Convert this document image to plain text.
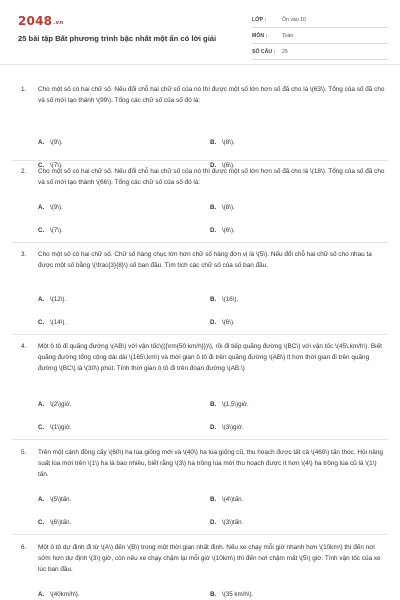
2048.vn
25 bài tập Bất phương trình bậc nhất một ẩn có lời giải
LỚP :	Ôn vào 10
MÔN :	Toán
SỐ CÂU :	25
1. Cho một số có hai chữ số. Nếu đổi chỗ hai chữ số của nó thì được một số lớn hơn số đã cho là \(63\). Tổng của số đã cho và số mới tạo thành \(99\). Tổng các chữ số của số đó là:
A. \(9\).	B. \(8\).
C. \(7\).	D. \(6\).
2. Cho một số có hai chữ số. Nếu đổi chỗ hai chữ số của nó thì được một số lớn hơn số đã cho là \(18\). Tổng của số đã cho và số mới tạo thành \(66\). Tổng các chữ số của số đó là:
A. \(9\).	B. \(8\).
C. \(7\).	D. \(6\).
3. Cho một số có hai chữ số. Chữ số hàng chục lớn hơn chữ số hàng đơn vị là \(5\). Nếu đổi chỗ hai chữ số cho nhau ta được một số bằng \(\frac{3}{8}\) số ban đầu. Tìm tích các chữ số của số ban đầu.
A. \(12\).	B. \(16\).
C. \(14\).	D. \(6\).
4. Một ô tô đi quãng đường \(AB\) với vận tốc\(({\rm{50 km/h}})\), rồi đi tiếp quãng đường \(BC\) với vận tốc \(45\,km/h\). Biết quãng đường tổng cộng dài dài \(165\,km\) và thời gian ô tô đi trên quãng đường \(AB\) ít hơn thời gian đi trên quãng đường \(BC\) là \(30\) phút. Tính thời gian ô tô đi trên đoạn đường \(AB.\)
A. \(2\)giờ.	B. \(1,5\)giờ.
C. \(1\)giờ.	D. \(3\)giờ.
5. Trên một cánh đồng cấy \(60\) ha lúa giống mới và \(40\) ha lúa giống cũ, thu hoạch được tất cả \(460\) tấn thóc. Hỏi năng suất lúa mới trên \(1\) ha là bao nhiêu, biết rằng \(3\) ha trồng lúa mới thu hoạch được ít hơn \(4\) ha trồng lúa cũ là \(1\) tấn.
A. \(5\)tấn.	B. \(4\)tấn.
C. \(6\)tấn.	D. \(3\)tấn.
6. Một ô tô dự định đi từ \(A\) đến \(B\) trong một thời gian nhất định. Nếu xe chạy mỗi giờ nhanh hơn \(10km\) thì đến nơi sớm hơn dự định \(3\) giờ, còn nếu xe chạy chậm lại mỗi giờ \(10km\) thì đến nơi chậm mất \(5\) giờ. Tính vận tốc của xe lúc ban đầu.
A. \(40km/h\).	B. \(35 km/h\).
